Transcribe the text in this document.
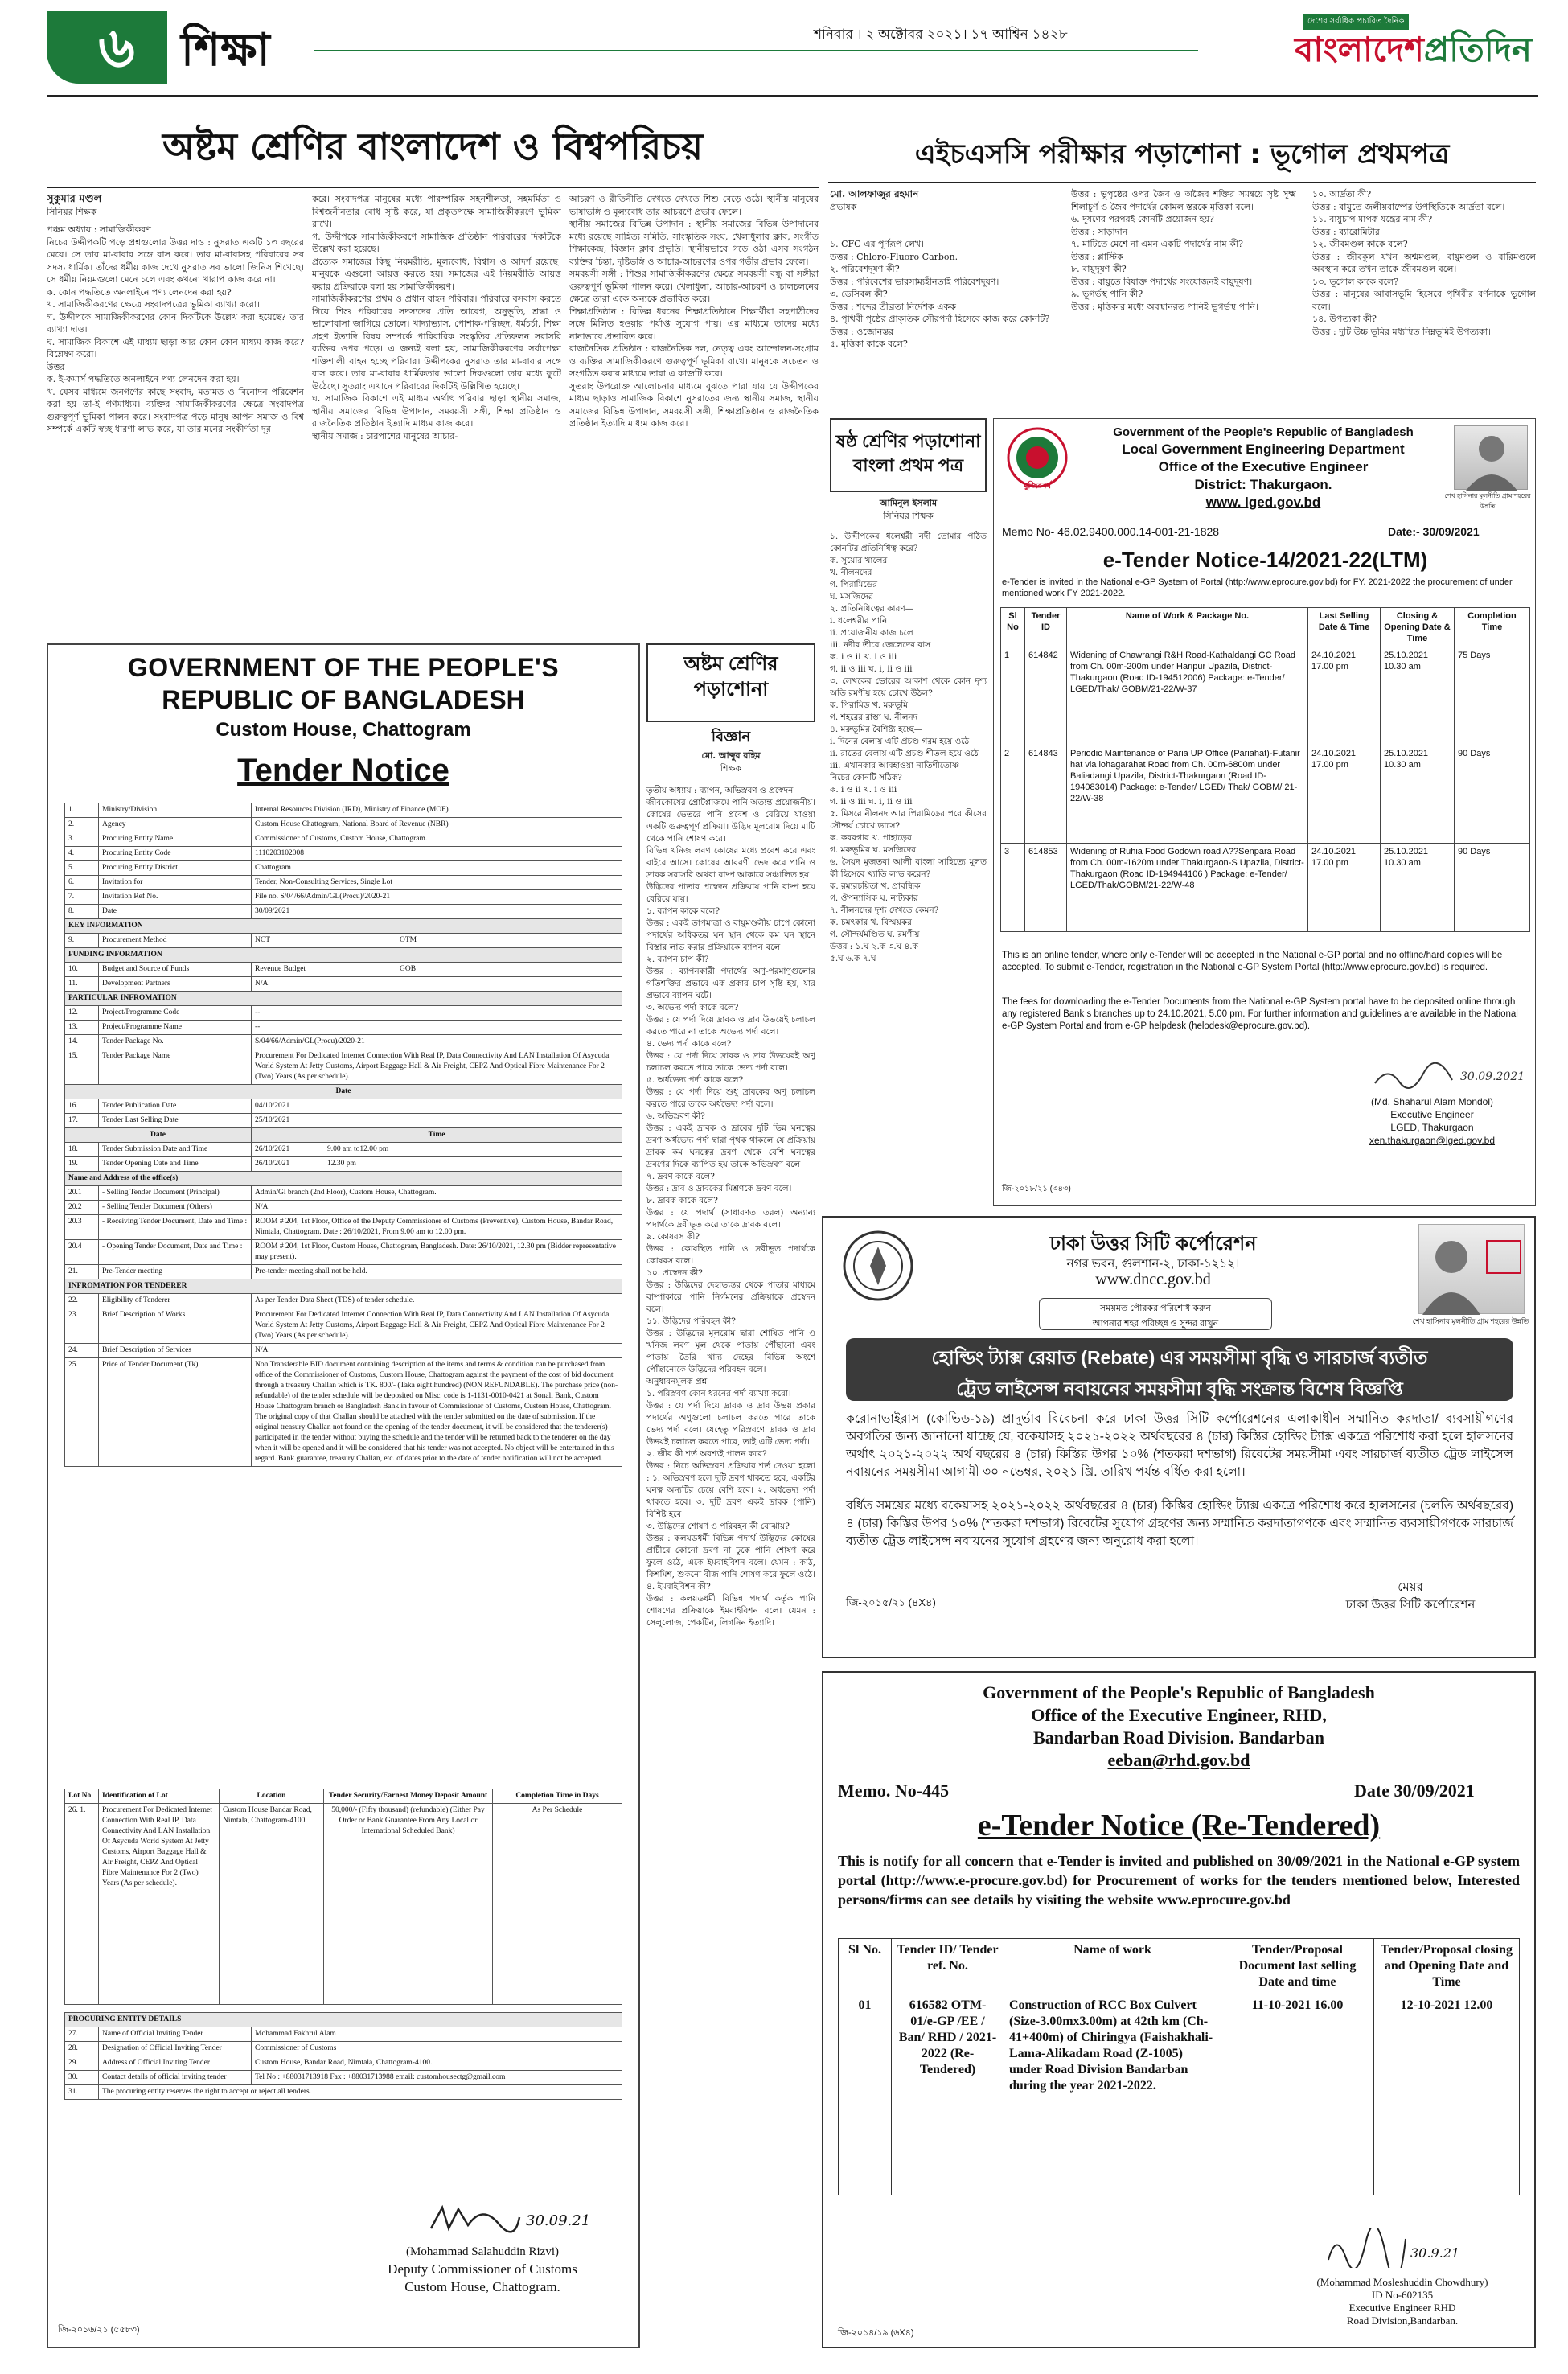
৬	শিক্ষা	শনিবার । ২ অক্টোবর ২০২১। ১৭ আশ্বিন ১৪২৮
দেশের সর্বাধিক প্রচারিত দৈনিক
বাংলাদেশপ্রতিদিন
অষ্টম শ্রেণির বাংলাদেশ ও বিশ্বপরিচয়
সুকুমার মণ্ডল
সিনিয়র শিক্ষক
পঞ্চম অধ্যায় : সামাজিকীকরণ
নিচের উদ্দীপকটি পড়ে প্রশ্নগুলোর উত্তর দাও : নুসরাত একটি ১৩ বছরের মেয়ে। সে তার মা-বাবার সঙ্গে বাস করে। তার মা-বাবাসহ পরিবারের সব সদস্য ধার্মিক। তাঁদের ধর্মীয় কাজ দেখে নুসরাত সব ভালো জিনিস শিখেছে। সে ধর্মীয় নিয়মগুলো মেনে চলে এবং কখনো খারাপ কাজ করে না।
ক. কোন পদ্ধতিতে অনলাইনে পণ্য লেনদেন করা হয়?
খ. সামাজিকীকরণের ক্ষেত্রে সংবাদপত্রের ভূমিকা ব্যাখ্যা করো।
গ. উদ্দীপকে সামাজিকীকরণের কোন দিকটিকে উল্লেখ করা হয়েছে? তার ব্যাখ্যা দাও।
ঘ. সামাজিক বিকাশে এই মাধ্যম ছাড়া আর কোন কোন মাধ্যম কাজ করে? বিশ্লেষণ করো।
উত্তর
ক. ই-কমার্স পদ্ধতিতে অনলাইনে পণ্য লেনদেন করা হয়।
খ. যেসব মাধ্যমে জনগণের কাছে সংবাদ, মতামত ও বিনোদন পরিবেশন করা হয় তা-ই গণমাধ্যম। ব্যক্তির সামাজিকীকরণের ক্ষেত্রে সংবাদপত্র গুরুত্বপূর্ণ ভূমিকা পালন করে। সংবাদপত্র পড়ে মানুষ আপন সমাজ ও বিশ্ব সম্পর্কে একটি স্বচ্ছ ধারণা লাভ করে, যা তার মনের সংকীর্ণতা দূর
করে। সংবাদপত্র মানুষের মধ্যে পারস্পরিক সহনশীলতা, সহমর্মিতা ও বিশ্বজনীনতার বোধ সৃষ্টি করে, যা প্রকৃতপক্ষে সামাজিকীকরণে ভূমিকা রাখে।
গ. উদ্দীপকে সামাজিকীকরণে সামাজিক প্রতিষ্ঠান পরিবারের দিকটিকে উল্লেখ করা হয়েছে।
প্রত্যেক সমাজের কিছু নিয়মরীতি, মূল্যবোধ, বিশ্বাস ও আদর্শ রয়েছে। মানুষকে এগুলো আয়ত্ত করতে হয়। সমাজের এই নিয়মরীতি আয়ত্ত করার প্রক্রিয়াকে বলা হয় সামাজিকীকরণ।
সামাজিকীকরণের প্রথম ও প্রধান বাহন পরিবার। পরিবারে বসবাস করতে গিয়ে শিশু পরিবারের সদস্যদের প্রতি আবেগ, অনুভূতি, শ্রদ্ধা ও ভালোবাসা জাগিয়ে তোলে। খাদ্যাভ্যাস, পোশাক-পরিচ্ছদ, ধর্মচর্চা, শিক্ষা গ্রহণ ইত্যাদি বিষয় সম্পর্কে পারিবারিক সংস্কৃতির প্রতিফলন সরাসরি ব্যক্তির ওপর পড়ে। এ জন্যই বলা হয়, সামাজিকীকরণের সর্বাপেক্ষা শক্তিশালী বাহন হচ্ছে পরিবার। উদ্দীপকের নুসরাত তার মা-বাবার সঙ্গে বাস করে। তার মা-বাবার ধার্মিকতার ভালো দিকগুলো তার মধ্যে ফুটে উঠেছে। সুতরাং এখানে পরিবারের দিকটিই উল্লিখিত হয়েছে।
ঘ. সামাজিক বিকাশে এই মাধ্যম অর্থাৎ পরিবার ছাড়া স্থানীয় সমাজ, স্থানীয় সমাজের বিভিন্ন উপাদান, সমবয়সী সঙ্গী, শিক্ষা প্রতিষ্ঠান ও রাজনৈতিক প্রতিষ্ঠান ইত্যাদি মাধ্যম কাজ করে।
স্থানীয় সমাজ : চারপাশের মানুষের আচার-
আচরণ ও রীতিনীতি দেখতে দেখতে শিশু বেড়ে ওঠে। স্থানীয় মানুষের ভাষাভঙ্গি ও মূল্যবোধ তার আচরণে প্রভাব ফেলে।
স্থানীয় সমাজের বিভিন্ন উপাদান : স্থানীয় সমাজের বিভিন্ন উপাদানের মধ্যে রয়েছে সাহিত্য সমিতি, সাংস্কৃতিক সংঘ, খেলাধুলার ক্লাব, সংগীত শিক্ষাকেন্দ্র, বিজ্ঞান ক্লাব প্রভৃতি। স্থানীয়ভাবে গড়ে ওঠা এসব সংগঠন ব্যক্তির চিন্তা, দৃষ্টিভঙ্গি ও আচার-আচরণের ওপর গভীর প্রভাব ফেলে।
সমবয়সী সঙ্গী : শিশুর সামাজিকীকরণের ক্ষেত্রে সমবয়সী বন্ধু বা সঙ্গীরা গুরুত্বপূর্ণ ভূমিকা পালন করে। খেলাধুলা, আচার-আচরণ ও চালচলনের ক্ষেত্রে তারা একে অন্যকে প্রভাবিত করে।
শিক্ষাপ্রতিষ্ঠান : বিভিন্ন ধরনের শিক্ষাপ্রতিষ্ঠানে শিক্ষার্থীরা সহপাঠীদের সঙ্গে মিলিত হওয়ার পর্যাপ্ত সুযোগ পায়। এর মাধ্যমে তাদের মধ্যে নানাভাবে প্রভাবিত করে।
রাজনৈতিক প্রতিষ্ঠান : রাজনৈতিক দল, নেতৃত্ব এবং আন্দোলন-সংগ্রাম ও ব্যক্তির সামাজিকীকরণে গুরুত্বপূর্ণ ভূমিকা রাখে। মানুষকে সচেতন ও সংগঠিত করার মাধ্যমে তারা এ কাজটি করে।
সুতরাং উপরোক্ত আলোচনার মাধ্যমে বুঝতে পারা যায় যে উদ্দীপকের মাধ্যম ছাড়াও সামাজিক বিকাশে নুসরাতের জন্য স্থানীয় সমাজ, স্থানীয় সমাজের বিভিন্ন উপাদান, সমবয়সী সঙ্গী, শিক্ষাপ্রতিষ্ঠান ও রাজনৈতিক প্রতিষ্ঠান ইত্যাদি মাধ্যম কাজ করে।
এইচএসসি পরীক্ষার পড়াশোনা : ভূগোল প্রথমপত্র
মো. আলফাজুর রহমান
প্রভাষক
১. CFC এর পূর্ণরূপ লেখ।
উত্তর : Chloro-Fluoro Carbon.
২. পরিবেশদূষণ কী?
উত্তর : পরিবেশের ভারসাম্যহীনতাই পরিবেশদূষণ।
৩. ডেসিবল কী?
উত্তর : শব্দের তীব্রতা নির্দেশক একক।
৪. পৃথিবী পৃষ্ঠের প্রাকৃতিক সৌরপর্দা হিসেবে কাজ করে কোনটি?
উত্তর : ওজোনস্তর
৫. মৃত্তিকা কাকে বলে?
উত্তর : ভূপৃষ্ঠের ওপর জৈব ও অজৈব শক্তির সমন্বয়ে সৃষ্ট সূক্ষ্ম শিলাচূর্ণ ও জৈব পদার্থের কোমল স্তরকে মৃত্তিকা বলে।
৬. দূষণের পরপরই কোনটি প্রয়োজন হয়?
উত্তর : সাড়াদান
৭. মাটিতে মেশে না এমন একটি পদার্থের নাম কী?
উত্তর : প্লাস্টিক
৮. বায়ুদূষণ কী?
উত্তর : বায়ুতে বিষাক্ত পদার্থের সংযোজনই বায়ুদূষণ।
৯. ভূগর্ভস্থ পানি কী?
উত্তর : মৃত্তিকার মধ্যে অবস্থানরত পানিই ভূগর্ভস্থ পানি।
১০. আর্দ্রতা কী?
উত্তর : বায়ুতে জলীয়বাষ্পের উপস্থিতিকে আর্দ্রতা বলে।
১১. বায়ুচাপ মাপক যন্ত্রের নাম কী?
উত্তর : ব্যারোমিটার
১২. জীবমণ্ডল কাকে বলে?
উত্তর : জীবকুল যখন অশ্মমণ্ডল, বায়ুমণ্ডল ও বারিমণ্ডলে অবস্থান করে তখন তাকে জীবমণ্ডল বলে।
১৩. ভূগোল কাকে বলে?
উত্তর : মানুষের আবাসভূমি হিসেবে পৃথিবীর বর্ণনাকে ভূগোল বলে।
১৪. উপত্যকা কী?
উত্তর : দুটি উচ্চ ভূমির মধ্যস্থিত নিম্নভূমিই উপত্যকা।
ষষ্ঠ শ্রেণির পড়াশোনা বাংলা প্রথম পত্র
আমিনুল ইসলাম
সিনিয়র শিক্ষক
১. উদ্দীপকের ধলেশ্বরী নদী তোমার পঠিত কোনটির প্রতিনিধিত্ব করে?
ক. সুয়োর খালের
খ. নীলনদের
গ. পিরামিডের
ঘ. মসজিদের
২. প্রতিনিধিত্বের কারণ—
i. ধলেশ্বরীর পানি
ii. প্রয়োজনীয় কাজ চলে
iii. নদীর তীরে জেলেদের বাস
ক. i ও ii খ. i ও iii
গ. ii ও iii ঘ. i, ii ও iii
৩. লেখকের ভোরের আকাশ থেকে কোন দৃশ্য অতি রমণীয় হয়ে চোখে উঠল?
ক. পিরামিড খ. মরুভূমি
গ. শহরের রাস্তা ঘ. নীলনদ
৪. মরুভূমির বৈশিষ্ট্য হচ্ছে—
i. দিনের বেলায় এটি প্রচণ্ড গরম হয়ে ওঠে
ii. রাতের বেলায় এটি প্রচণ্ড শীতল হয়ে ওঠে
iii. এখানকার আবহাওয়া নাতিশীতোষ্ণ
নিচের কোনটি সঠিক?
ক. i ও ii খ. i ও iii
গ. ii ও iii ঘ. i, ii ও iii
৫. মিসরে নীলনদ আর পিরামিডের পরে কীসের সৌন্দর্য চোখে ভাসে?
ক. কবরগার খ. পাহাড়ের
গ. মরুভূমির ঘ. মসজিদের
৬. সৈয়দ মুজতবা আলী বাংলা সাহিত্যে মূলত কী হিসেবে খ্যাতি লাভ করেন?
ক. রম্যরচয়িতা খ. প্রাবন্ধিক
গ. ঔপন্যাসিক ঘ. নাট্যকার
৭. নীলনদের দৃশ্য দেখতে কেমন?
ক. চমৎকার খ. বিস্ময়কর
গ. সৌন্দর্যমণ্ডিত ঘ. রমণীয়
উত্তর : ১.ঘ ২.ক ৩.ঘ ৪.ক
৫.ঘ ৬.ক ৭.ঘ
মুজিববর্ষ
শেখ হাসিনার মূলনীতি গ্রাম শহরের উন্নতি
Government of the People's Republic of Bangladesh
Local Government Engineering Department
Office of the Executive Engineer
District: Thakurgaon.
www. lged.gov.bd
Memo No- 46.02.9400.000.14-001-21-1828	Date:- 30/09/2021
e-Tender Notice-14/2021-22(LTM)
e-Tender is invited in the National e-GP System of Portal (http://www.eprocure.gov.bd) for FY. 2021-2022 the procurement of under mentioned work FY 2021-2022.
Sl No	Tender ID	Name of Work & Package No.	Last Selling Date & Time	Closing & Opening Date & Time	Completion Time
1	614842	Widening of Chawrangi R&H Road-Kathaldangi GC Road from Ch. 00m-200m under Haripur Upazila, District-Thakurgaon (Road ID-194512006) Package: e-Tender/ LGED/Thak/ GOBM/21-22/W-37	24.10.2021 17.00 pm	25.10.2021 10.30 am	75 Days
2	614843	Periodic Maintenance of Paria UP Office (Pariahat)-Futanir hat via lohagarahat Road from Ch. 00m-6800m under Baliadangi Upazila, District-Thakurgaon (Road ID-194083014) Package: e-Tender/ LGED/ Thak/ GOBM/ 21-22/W-38	24.10.2021 17.00 pm	25.10.2021 10.30 am	90 Days
3	614853	Widening of Ruhia Food Godown road A??Senpara Road from Ch. 00m-1620m under Thakurgaon-S Upazila, District-Thakurgaon (Road ID-194944106 ) Package: e-Tender/ LGED/Thak/GOBM/21-22/W-48	24.10.2021 17.00 pm	25.10.2021 10.30 am	90 Days
This is an online tender, where only e-Tender will be accepted in the National e-GP portal and no offline/hard copies will be accepted. To submit e-Tender, registration in the National e-GP System Portal (http://www.eprocure.gov.bd) is required.
The fees for downloading the e-Tender Documents from the National e-GP System portal have to be deposited online through any registered Bank s branches up to 24.10.2021, 5.00 pm. For further information and guidelines are available in the National e-GP System Portal and from e-GP helpdesk (helodesk@eprocure.gov.bd).
30.09.2021
(Md. Shaharul Alam Mondol)
Executive Engineer
LGED, Thakurgaon
xen.thakurgaon@lged.gov.bd
জি-২০১৮/২১ (৩৪৩)
অষ্টম শ্রেণির পড়াশোনা
বিজ্ঞান
মো. আব্দুর রহিম
শিক্ষক
তৃতীয় অধ্যায় : ব্যাপন, অভিস্রবণ ও প্রস্বেদন
জীবকোষের প্রোটপ্লাজমে পানি অত্যন্ত প্রয়োজনীয়। কোষের ভেতরে পানি প্রবেশ ও বেরিয়ে যাওয়া একটি গুরুত্বপূর্ণ প্রক্রিয়া। উদ্ভিদ মূলরোম দিয়ে মাটি থেকে পানি শোষণ করে।
বিভিন্ন খনিজ লবণ কোষের মধ্যে প্রবেশ করে এবং বাইরে আসে। কোষের আবরণী ভেদ করে পানি ও দ্রাবক সরাসরি অথবা বাষ্প আকারে সঞ্চালিত হয়।
উদ্ভিদের পাতার প্রস্বেদন প্রক্রিয়ায় পানি বাষ্প হয়ে বেরিয়ে যায়।
১. ব্যাপন কাকে বলে?
উত্তর : একই তাপমাত্রা ও বায়ুমণ্ডলীয় চাপে কোনো পদার্থের অধিকতর ঘন স্থান থেকে কম ঘন স্থানে বিস্তার লাভ করার প্রক্রিয়াকে ব্যাপন বলে।
২. ব্যাপন চাপ কী?
উত্তর : ব্যাপনকারী পদার্থের অণু-পরমাণুগুলোর গতিশক্তির প্রভাবে এক প্রকার চাপ সৃষ্টি হয়, যার প্রভাবে ব্যাপন ঘটে।
৩. অভেদ্য পর্দা কাকে বলে?
উত্তর : যে পর্দা দিয়ে দ্রাবক ও দ্রাব উভয়েই চলাচল করতে পারে না তাকে অভেদ্য পর্দা বলে।
৪. ভেদ্য পর্দা কাকে বলে?
উত্তর : যে পর্দা দিয়ে দ্রাবক ও দ্রাব উভয়েরই অণু চলাচল করতে পারে তাকে ভেদ্য পর্দা বলে।
৫. অর্ধভেদ্য পর্দা কাকে বলে?
উত্তর : যে পর্দা দিয়ে শুধু দ্রাবকের অণু চলাচল করতে পারে তাকে অর্ধভেদ্য পর্দা বলে।
৬. অভিস্রবণ কী?
উত্তর : একই দ্রাবক ও দ্রাবের দুটি ভিন্ন ঘনত্বের দ্রবণ অর্ধভেদ্য পর্দা দ্বারা পৃথক থাকলে যে প্রক্রিয়ায় দ্রাবক কম ঘনত্বের দ্রবণ থেকে বেশি ঘনত্বের দ্রবণের দিকে ব্যাপিত হয় তাকে অভিস্রবণ বলে।
৭. দ্রবণ কাকে বলে?
উত্তর : দ্রাব ও দ্রাবকের মিশ্রণকে দ্রবণ বলে।
৮. দ্রাবক কাকে বলে?
উত্তর : যে পদার্থ (সাধারণত তরল) অন্যান্য পদার্থকে দ্রবীভূত করে তাকে দ্রাবক বলে।
৯. কোষরস কী?
উত্তর : কোষস্থিত পানি ও দ্রবীভূত পদার্থকে কোষরস বলে।
১০. প্রস্বেদন কী?
উত্তর : উদ্ভিদের দেহাভ্যন্তর থেকে পাতার মাধ্যমে বাষ্পাকারে পানি নির্গমনের প্রক্রিয়াকে প্রস্বেদন বলে।
১১. উদ্ভিদের পরিবহন কী?
উত্তর : উদ্ভিদের মূলরোম দ্বারা শোষিত পানি ও খনিজ লবণ মূল থেকে পাতায় পৌঁছানো এবং পাতায় তৈরি খাদ্য দেহের বিভিন্ন অংশে পৌঁছানোকে উদ্ভিদের পরিবহন বলে।
অনুধাবনমূলক প্রশ্ন
১. পরিস্রবণ কোন ধরনের পর্দা ব্যাখ্যা করো।
উত্তর : যে পর্দা দিয়ে দ্রাবক ও দ্রাব উভয় প্রকার পদার্থের অণুগুলো চলাচল করতে পারে তাকে ভেদ্য পর্দা বলে। যেহেতু পরিস্রবণে দ্রাবক ও দ্রাব উভয়ই চলাচল করতে পারে, তাই এটি ভেদ্য পর্দা।
২. জীব কী শর্ত অবশ্যই পালন করে?
উত্তর : নিচে অভিস্রবণ প্রক্রিয়ার শর্ত দেওয়া হলো : ১. অভিস্রবণ হলে দুটি দ্রবণ থাকতে হবে, একটির ঘনত্ব অন্যটির চেয়ে বেশি হবে। ২. অর্ধভেদ্য পর্দা থাকতে হবে। ৩. দুটি দ্রবণ একই দ্রাবক (পানি) বিশিষ্ট হবে।
৩. উদ্ভিদের শোষণ ও পরিবহন কী বোঝায়?
উত্তর : কলয়ডধর্মী বিভিন্ন পদার্থ উদ্ভিদের কোষের প্রাচীরে কোনো দ্রবণ না ঢুকে পানি শোষণ করে ফুলে ওঠে, একে ইমবাইবিশন বলে। যেমন : কাঠ, কিশমিশ, শুকনো বীজ পানি শোষণ করে ফুলে ওঠে।
৪. ইমবাইবিশন কী?
উত্তর : কলয়ডধর্মী বিভিন্ন পদার্থ কর্তৃক পানি শোষণের প্রক্রিয়াকে ইমবাইবিশন বলে। যেমন : সেলুলোজ, পেকটিন, লিগনিন ইত্যাদি।
GOVERNMENT OF THE PEOPLE'S
REPUBLIC OF BANGLADESH
Custom House, Chattogram
Tender Notice
1.	Ministry/Division	Internal Resources Division (IRD), Ministry of Finance (MOF).
2.	Agency	Custom House Chattogram, National Board of Revenue (NBR)
3.	Procuring Entity Name	Commissioner of Customs, Custom House, Chattogram.
4.	Procuring Entity Code	1110203102008
5.	Procuring Entity District	Chattogram
6.	Invitation for	Tender, Non-Consulting Services, Single Lot
7.	Invitation Ref No.	File no. S/04/66/Admin/GL(Procu)/2020-21
8.	Date	30/09/2021
KEY INFORMATION		
9.	Procurement Method	NCT OTM
FUNDING INFORMATION		
10.	Budget and Source of Funds	Revenue Budget GOB
11.	Development Partners	N/A
PARTICULAR INFROMATION		
12.	Project/Programme Code	--
13.	Project/Programme Name	--
14.	Tender Package No.	S/04/66/Admin/GL(Procu)/2020-21
15.	Tender Package Name	Procurement For Dedicated Internet Connection With Real IP, Data Connectivity And LAN Installation Of Asycuda World System At Jetty Customs, Airport Baggage Hall & Air Freight, CEPZ And Optical Fibre Maintenance For 2 (Two) Years (As per schedule).
Date		
16.	Tender Publication Date	04/10/2021
17.	Tender Last Selling Date	25/10/2021
Date		Time
18.	Tender Submission Date and Time	26/10/2021 9.00 am to12.00 pm
19.	Tender Opening Date and Time	26/10/2021 12.30 pm
Name and Address of the office(s)		
20.1	- Selling Tender Document (Principal)	Admin/Gl branch (2nd Floor), Custom House, Chattogram.
20.2	- Selling Tender Document (Others)	N/A
20.3	- Receiving Tender Document, Date and Time :	ROOM # 204, 1st Floor, Office of the Deputy Commissioner of Customs (Preventive), Custom House, Bandar Road, Nimtala, Chattogram. Date : 26/10/2021, From 9.00 am to 12.00 pm.
20.4	- Opening Tender Document, Date and Time :	ROOM # 204, 1st Floor, Custom House, Chattogram, Bangladesh. Date: 26/10/2021, 12.30 pm (Bidder representative may present).
21.	Pre-Tender meeting	Pre-tender meeting shall not be held.
INFROMATION FOR TENDERER		
22.	Eligibility of Tenderer	As per Tender Data Sheet (TDS) of tender schedule.
23.	Brief Description of Works	Procurement For Dedicated Internet Connection With Real IP, Data Connectivity And LAN Installation Of Asycuda World System At Jetty Customs, Airport Baggage Hall & Air Freight, CEPZ And Optical Fibre Maintenance For 2 (Two) Years (As per schedule).
24.	Brief Description of Services	N/A
25.	Price of Tender Document (Tk)	Non Transferable BID document containing description of the items and terms & condition can be purchased from office of the Commissioner of Customs, Custom House, Chattogram against the payment of the cost of bid document through a treasury Challan which is TK. 800/- (Taka eight hundred) (NON REFUNDABLE). The purchase price (non-refundable) of the tender schedule will be deposited on Misc. code is 1-1131-0010-0421 at Sonali Bank, Custom House Chattogram branch or Bangladesh Bank in favour of Commissioner of Customs, Custom House, Chattogram. The original copy of that Challan should be attached with the tender submitted on the date of submission. If the original treasury Challan not found on the opening of the tender document, it will be considered that the tenderer(s) participated in the tender without buying the schedule and the tender will be returned back to the tenderer on the day when it will be opened and it will be considered that his tender was not accepted. No object will be entertained in this regard. Bank guarantee, treasury Challan, etc. of dates prior to the date of tender notification will not be accepted.
Lot No	Identification of Lot	Location	Tender Security/Earnest Money Deposit Amount	Completion Time in Days
26. 1.	Procurement For Dedicated Internet Connection With Real IP, Data Connectivity And LAN Installation Of Asycuda World System At Jetty Customs, Airport Baggage Hall & Air Freight, CEPZ And Optical Fibre Maintenance For 2 (Two) Years (As per schedule).	Custom House Bandar Road, Nimtala, Chattogram-4100.	50,000/- (Fifty thousand) (refundable) (Either Pay Order or Bank Guarantee From Any Local or International Scheduled Bank)	As Per Schedule
PROCURING ENTITY DETAILS		
27.	Name of Official Inviting Tender	Mohammad Fakhrul Alam
28.	Designation of Official Inviting Tender	Commissioner of Customs
29.	Address of Official Inviting Tender	Custom House, Bandar Road, Nimtala, Chattogram-4100.
30.	Contact details of official inviting tender	Tel No : +88031713918 Fax : +88031713988 email: customhousectg@gmail.com
31.	The procuring entity reserves the right to accept or reject all tenders.	
30.09.21
(Mohammad Salahuddin Rizvi)
Deputy Commissioner of Customs
Custom House, Chattogram.
জি-২০১৬/২১ (৫৫৮৩)
ঢাকা উত্তর সিটি কর্পোরেশন
নগর ভবন, গুলশান-২, ঢাকা-১২১২।
www.dncc.gov.bd
সময়মত পৌরকর পরিশোধ করুন
আপনার শহর পরিচ্ছন্ন ও সুন্দর রাখুন	শেখ হাসিনার মূলনীতি গ্রাম শহরের উন্নতি
হোল্ডিং ট্যাক্স রেয়াত (Rebate) এর সময়সীমা বৃদ্ধি ও সারচার্জ ব্যতীত
ট্রেড লাইসেন্স নবায়নের সময়সীমা বৃদ্ধি সংক্রান্ত বিশেষ বিজ্ঞপ্তি
করোনাভাইরাস (কোভিড-১৯) প্রাদুর্ভাব বিবেচনা করে ঢাকা উত্তর সিটি কর্পোরেশনের এলাকাধীন সম্মানিত করদাতা/ ব্যবসায়ীগণের অবগতির জন্য জানানো যাচ্ছে যে, বকেয়াসহ ২০২১-২০২২ অর্থবছরের ৪ (চার) কিস্তির হোল্ডিং ট্যাক্স একত্রে পরিশোধ করা হলে হালসনের অর্থাৎ ২০২১-২০২২ অর্থ বছরের ৪ (চার) কিস্তির উপর ১০% (শতকরা দশভাগ) রিবেটের সময়সীমা এবং সারচার্জ ব্যতীত ট্রেড লাইসেন্স নবায়নের সময়সীমা আগামী ৩০ নভেম্বর, ২০২১ খ্রি. তারিখ পর্যন্ত বর্ধিত করা হলো।
বর্ধিত সময়ের মধ্যে বকেয়াসহ ২০২১-২০২২ অর্থবছরের ৪ (চার) কিস্তির হোল্ডিং ট্যাক্স একত্রে পরিশোধ করে হালসনের (চলতি অর্থবছরের) ৪ (চার) কিস্তির উপর ১০% (শতকরা দশভাগ) রিবেটের সুযোগ গ্রহণের জন্য সম্মানিত করদাতাগণকে এবং সম্মানিত ব্যবসায়ীগণকে সারচার্জ ব্যতীত ট্রেড লাইসেন্স নবায়নের সুযোগ গ্রহণের জন্য অনুরোধ করা হলো।
মেয়র
ঢাকা উত্তর সিটি কর্পোরেশন
জি-২০১৫/২১ (৪X৪)
Government of the People's Republic of Bangladesh
Office of the Executive Engineer, RHD,
Bandarban Road Division. Bandarban
eeban@rhd.gov.bd
Memo. No-445	Date 30/09/2021
e-Tender Notice (Re-Tendered)
This is notify for all concern that e-Tender is invited and published on 30/09/2021 in the National e-GP system portal (http://www.e-procure.gov.bd) for Procurement of works for the tenders mentioned below, Interested persons/firms can see details by visiting the website www.eprocure.gov.bd
Sl No.	Tender ID/ Tender ref. No.	Name of work	Tender/Proposal Document last selling Date and time	Tender/Proposal closing and Opening Date and Time
01	616582 OTM-01/e-GP /EE / Ban/ RHD / 2021-2022 (Re-Tendered)	Construction of RCC Box Culvert (Size-3.00mx3.00m) at 42th km (Ch- 41+400m) of Chiringya (Faishakhali- Lama-Alikadam Road (Z-1005) under Road Division Bandarban during the year 2021-2022.	11-10-2021 16.00	12-10-2021 12.00
30.9.21
(Mohammad Mosleshuddin Chowdhury)
ID No-602135
Executive Engineer RHD
Road Division,Bandarban.
জি-২০১৪/১৯ (৬X৪)
